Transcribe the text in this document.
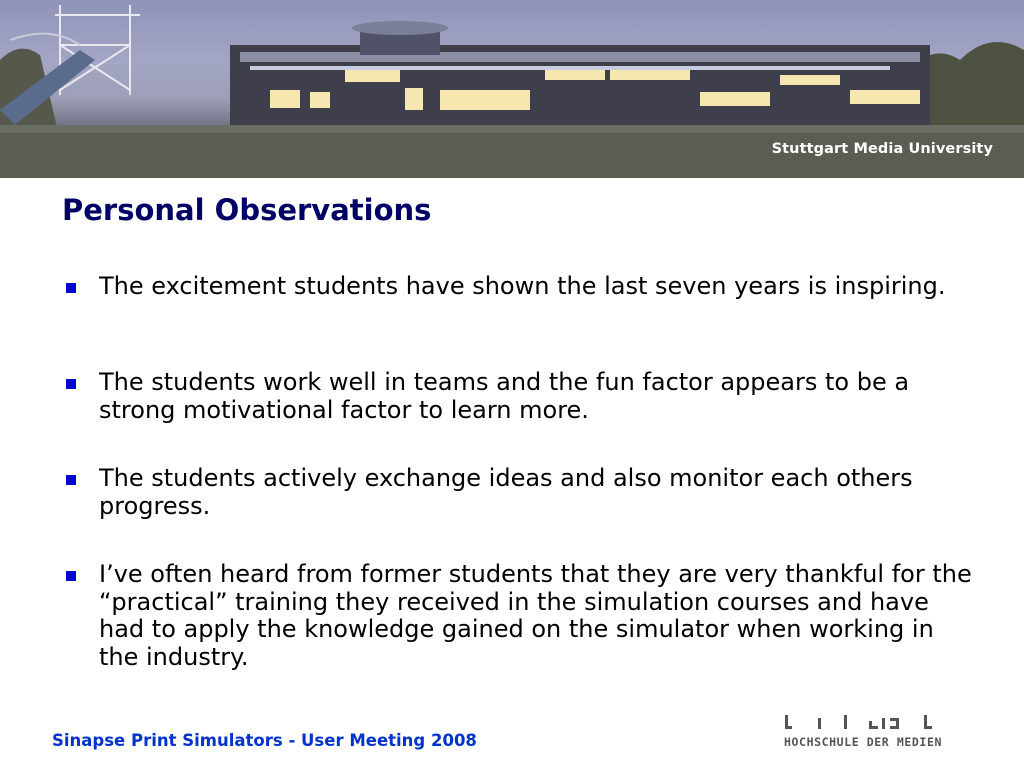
Stuttgart Media University
Personal Observations
The excitement students have shown the last seven years is inspiring.
The students work well in teams and the fun factor appears to be a strong motivational factor to learn more.
The students actively exchange ideas and also monitor each others progress.
I’ve often heard from former students that they are very thankful for the “practical” training they received in the simulation courses and have had to apply the knowledge gained on the simulator when working in the industry.
Sinapse Print Simulators - User Meeting 2008	HOCHSCHULE DER MEDIEN
